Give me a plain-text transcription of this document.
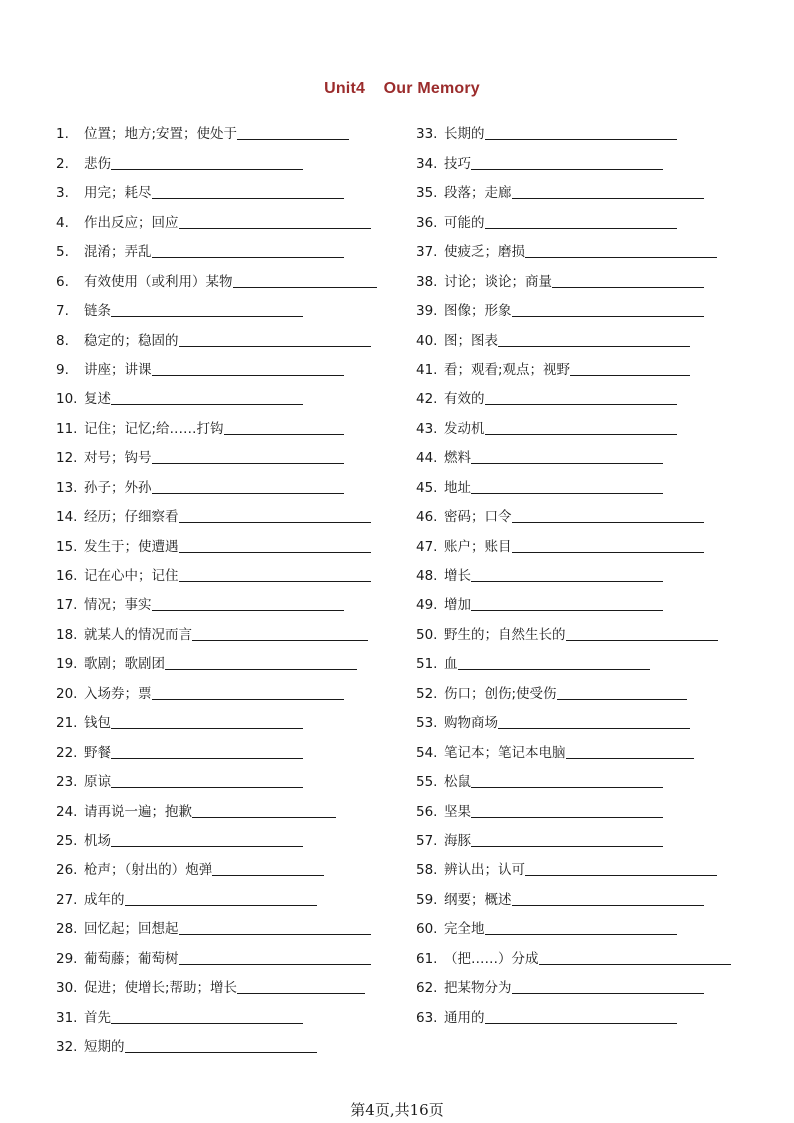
Unit4    Our Memory
1.	位置；地方;安置；使处于
2.	悲伤
3.	用完；耗尽
4.	作出反应；回应
5.	混淆；弄乱
6.	有效使用（或利用）某物
7.	链条
8.	稳定的；稳固的
9.	讲座；讲课
10. 复述
11. 记住；记忆;给……打钩
12. 对号；钩号
13. 孙子；外孙
14. 经历；仔细察看
15. 发生于；使遭遇
16. 记在心中；记住
17. 情况；事实
18. 就某人的情况而言
19. 歌剧；歌剧团
20. 入场券；票
21. 钱包
22. 野餐
23. 原谅
24. 请再说一遍；抱歉
25. 机场
26. 枪声；（射出的）炮弹
27. 成年的
28. 回忆起；回想起
29. 葡萄藤；葡萄树
30. 促进；使增长;帮助；增长
31. 首先
32. 短期的
33. 长期的
34. 技巧
35. 段落；走廊
36. 可能的
37. 使疲乏；磨损
38. 讨论；谈论；商量
39. 图像；形象
40. 图；图表
41. 看；观看;观点；视野
42. 有效的
43. 发动机
44. 燃料
45. 地址
46. 密码；口令
47. 账户；账目
48. 增长
49. 增加
50. 野生的；自然生长的
51. 血
52. 伤口；创伤;使受伤
53. 购物商场
54. 笔记本；笔记本电脑
55. 松鼠
56. 坚果
57. 海豚
58. 辨认出；认可
59. 纲要；概述
60. 完全地
61. （把……）分成
62. 把某物分为
63. 通用的
第4页,共16页
